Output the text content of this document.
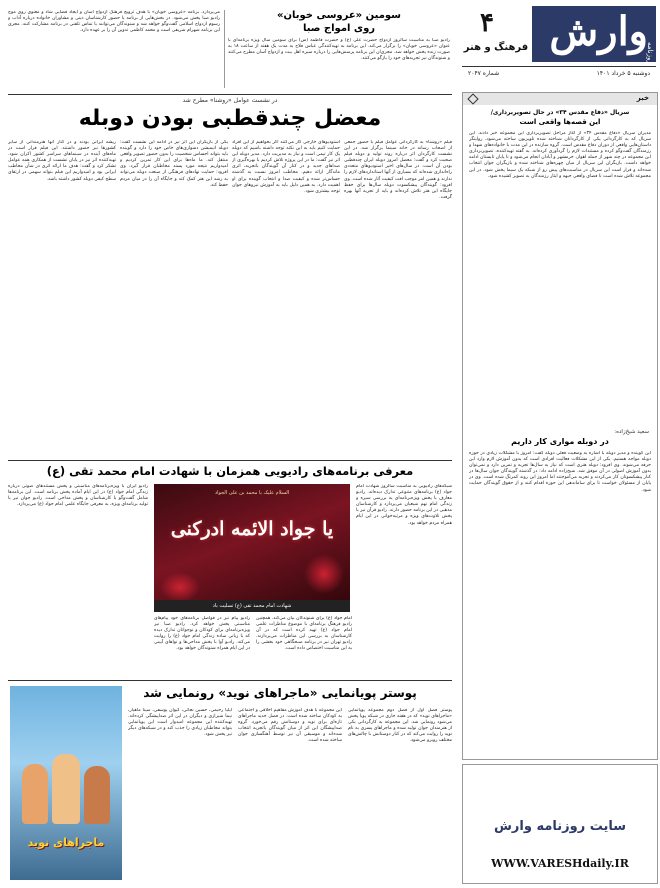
وارش
روزنامه
۴
فرهنگ و هنر
دوشنبه ۵ خرداد ۱۴۰۱
شماره ۲۰۴۷
سومین «عروسی خوبان»
روی امواج صبا
رادیو صبا به مناسبت سالروز ازدواج حضرت علی (ع) و حضرت فاطمه (س) برای سومین سال ویژه برنامه‌ای با عنوان «عروسی خوبان» را برگزار می‌کند. این برنامه به تهیه‌کنندگی عباس فلاح به مدت یک هفته از ساعت ۱۸ به صورت زنده پخش خواهد شد. مجری‌ان این برنامه پرسش‌هایی را درباره سیره اهل بیت و ازدواج آسان مطرح می‌کنند و شنوندگان نیز تجربه‌های خود را بازگو می‌کنند.
می‌پردازد. برنامه «عروسی خوبان» با هدف ترویج فرهنگ ازدواج آسان و ایجاد فضایی شاد و معنوی روی موج رادیو صبا پخش می‌شود. در بخش‌هایی از برنامه با حضور کارشناسان دینی و مشاوران خانواده درباره آداب و رسوم ازدواج اسلامی گفت‌وگو خواهد شد و شنوندگان می‌توانند با تماس تلفنی در برنامه مشارکت کنند. مجری این برنامه شهرام شریفی است و محمد کاظمی تدوین آن را بر عهده دارد.
در نشست عوامل «روشنا» مطرح شد
معضل چندقطبی بودن دوبله
فیلم «روشنا» به کارگردانی عوامل فیلم با حضور جمعی از اصحاب رسانه در خانه سینما برگزار شد. در این نشست کارگردان اثر درباره روند تولید و دوبله فیلم صحبت کرد و گفت: معضل امروز دوبله ایران چندقطبی بودن آن است. در سال‌های اخیر استودیوهای متعددی راه‌اندازی شده‌اند که بسیاری از آنها استانداردهای لازم را ندارند و همین امر موجب افت کیفیت آثار شده است. وی افزود: گویندگان پیشکسوت دوبله سال‌ها برای حفظ جایگاه این هنر تلاش کرده‌اند و باید از تجربه آنها بهره گرفت.
استودیوهای خارجی کار می‌کنند اگر بخواهیم از این افراد حمایت کنیم باید به این نکته توجه داشته باشیم که دوبله یک کار تیمی است و نیاز به مدیریت دارد. مدیر دوبله این اثر نیز گفت: ما در این پروژه تلاش کردیم با بهره‌گیری از صداهای جدید و در کنار آن گویندگان باتجربه، اثری ماندگار ارائه دهیم. مخاطب امروز نسبت به گذشته حساس‌تر شده و کیفیت صدا و انتخاب گوینده برای او اهمیت دارد. به همین دلیل باید به آموزش نیروهای جوان توجه بیشتری شود.
یکی از بازیگران این اثر نیز در ادامه این نشست گفت: دوبله انیمیشن دشواری‌های خاص خود را دارد و گوینده باید بتواند احساس شخصیت را بدون حضور تصویر واقعی منتقل کند. ما ماه‌ها برای این کار تمرین کردیم و امیدواریم نتیجه مورد پسند مخاطبان قرار گیرد. وی افزود: حمایت نهادهای فرهنگی از صنعت دوبله می‌تواند به رشد این هنر کمک کند و جایگاه آن را در میان مردم حفظ کند.
ریشه ایرانی بودند و در کنار آنها هنرمندانی از سایر کشورها نیز حضور داشتند. این فیلم قرار است در ماه‌های آینده در سینماهای سراسر کشور اکران شود. تهیه‌کننده اثر نیز در پایان نشست از همکاری همه عوامل تشکر کرد و گفت: هدف ما ارائه اثری در شأن مخاطب ایرانی بود و امیدواریم این فیلم بتواند سهمی در ارتقای سطح کیفی دوبله کشور داشته باشد.
خبر
سریال «دفاع مقدس ۳۴» در حال تصویربرداری/
این قصه‌ها واقعی است
مدیران سریال «دفاع مقدس ۳۴» از آغاز مراحل تصویربرداری این مجموعه خبر دادند. این سریال که به کارگردانی یکی از کارگردانان شناخته شده تلویزیون ساخته می‌شود، روایتگر داستان‌هایی واقعی از دوران دفاع مقدس است. گروه سازنده در این مدت با خانواده‌های شهدا و رزمندگان گفت‌وگو کرده و مستندات لازم را گردآوری کرده‌اند. به گفته تهیه‌کننده، تصویربرداری این مجموعه در چند شهر از جمله اهواز، خرمشهر و آبادان انجام می‌شود و تا پایان تابستان ادامه خواهد داشت. بازیگران این سریال از میان چهره‌های شناخته شده و بازیگران جوان انتخاب شده‌اند و قرار است این سریال در مناسبت‌های پیش رو از شبکه یک سیما پخش شود. در این مجموعه تلاش شده است تا فضای واقعی جبهه و ایثار رزمندگان به تصویر کشیده شود.
سعید شیخ‌زاده:
در دوبله مواری کار داریم
این گوینده و مدیر دوبله با اشاره به وضعیت فعلی دوبله گفت: امروز با مشکلات زیادی در حوزه دوبله مواجه هستیم. یکی از این مشکلات فعالیت افرادی است که بدون آموزش لازم وارد این حرفه می‌شوند. وی افزود: دوبله هنری است که نیاز به سال‌ها تجربه و تمرین دارد و نمی‌توان بدون آموزش اصولی در آن موفق شد. شیخ‌زاده ادامه داد: در گذشته گویندگان جوان سال‌ها در کنار پیشکسوتان کار می‌کردند و تجربه می‌آموختند اما امروز این روند کمرنگ شده است. وی در پایان از مسئولان خواست تا برای ساماندهی این حوزه اقدام کنند و از حقوق گویندگان حمایت شود.
معرفی برنامه‌های رادیویی همزمان با شهادت امام محمد تقی (ع)
السلام علیک یا محمد بن علی الجواد
یا جواد الائمه ادرکنی
شهادت امام محمد تقی (ع) تسلیت باد
شبکه‌های رادیویی به مناسبت سالروز شهادت امام جواد (ع) برنامه‌های متنوعی تدارک دیده‌اند. رادیو معارف با پخش ویژه‌برنامه‌ای به بررسی سیره و زندگی امام نهم شیعیان می‌پردازد و کارشناسان مذهبی در این برنامه حضور دارند. رادیو قرآن نیز با پخش تلاوت‌های ویژه و مرثیه‌خوانی در این ایام همراه مردم خواهد بود.
رادیو ایران با ویژه‌برنامه‌های مناسبتی و پخش مستندهای صوتی درباره زندگی امام جواد (ع) در این ایام آماده پخش برنامه است. این برنامه‌ها شامل گفت‌وگو با کارشناسان و پخش مداحی است. رادیو جوان نیز با تولید برنامه‌ای ویژه، به معرفی جایگاه علمی امام جواد (ع) می‌پردازد.
امام جواد (ع) برای شنوندگان بیان می‌کند. همچنین رادیو فرهنگ برنامه‌ای با موضوع مناظرات علمی امام جواد (ع) تهیه کرده است که در آن کارشناسان به بررسی این مناظرات می‌پردازند. رادیو تهران نیز در برنامه صبحگاهی خود بخشی را به این مناسبت اختصاص داده است.
رادیو پیام نیز در فواصل برنامه‌های خود پیام‌های مناسبتی پخش خواهد کرد. رادیو صبا نیز ویژه‌برنامه‌ای برای کودکان و نوجوانان تدارک دیده که با زبانی ساده زندگی امام جواد (ع) را روایت می‌کند. رادیو آوا با پخش مداحی‌ها و نواهای آیینی در این ایام همراه شنوندگان خواهد بود.
پوستر پویانمایی «ماجراهای نوید» رونمایی شد
پوستر فصل اول از فصل دوم مجموعه پویانمایی «ماجراهای نوید» که در هفته جاری در شبکه پویا پخش می‌شود رونمایی شد. این مجموعه به کارگردانی یکی از هنرمندان جوان تولید شده و ماجراهای پسری به نام نوید را روایت می‌کند که در کنار دوستانش با چالش‌های مختلف روبرو می‌شود.
این مجموعه با هدف آموزش مفاهیم اخلاقی و اجتماعی به کودکان ساخته شده است. در فصل جدید ماجراهای تازه‌ای برای نوید و دوستانش رقم می‌خورد. گروه صداپیشگان این اثر از میان گویندگان باتجربه انتخاب شده‌اند و موسیقی آن نیز توسط آهنگسازی جوان ساخته شده است.
ایلیا رحیمی، حسین نجاتی، کیوان یوسفی، سینا ماهیار، نیما شیرازی و دیگران در این اثر صداپیشگی کرده‌اند. تهیه‌کننده این مجموعه امیدوار است این پویانمایی بتواند مخاطبان زیادی را جذب کند و در شبکه‌های دیگر نیز پخش شود.
ماجراهای نوید
سایت روزنامه وارش
WWW.VARESHdaily.IR
